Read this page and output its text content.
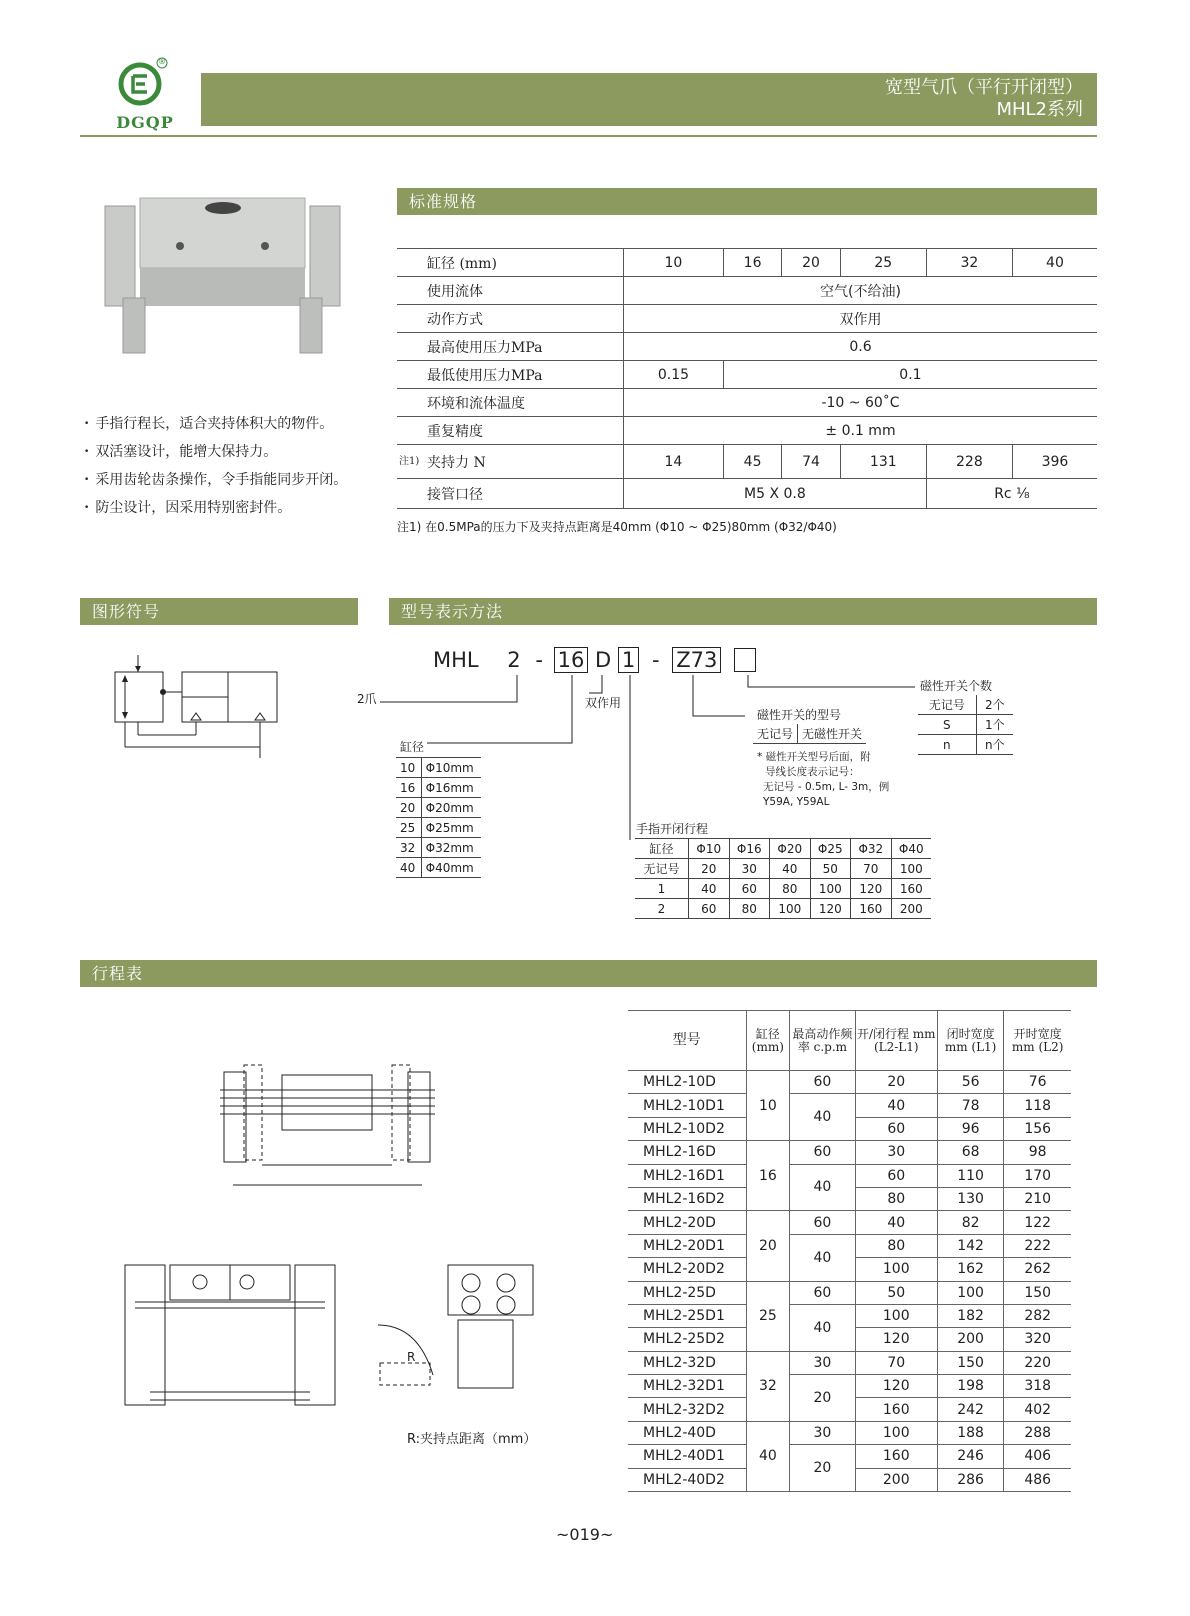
®
DGQP
宽型气爪（平行开闭型）
MHL2系列
标准规格
缸径 (mm)	10	16	20	25	32	40
使用流体	空气(不给油)					
动作方式	双作用					
最高使用压力MPa	0.6					
最低使用压力MPa	0.15	0.1				
环境和流体温度	-10 ~ 60˚C					
重复精度	± 0.1 mm					

注1) 夹持力 N	14	45	74	131	228	396
接管口径	M5 X 0.8				Rc ¹⁄₈	
注1) 在0.5MPa的压力下及夹持点距离是40mm (Φ10 ~ Φ25)80mm (Φ32/Φ40)
• 手指行程长，适合夹持体积大的物件。
• 双活塞设计，能增大保持力。
• 采用齿轮齿条操作，令手指能同步开闭。
• 防尘设计，因采用特别密封件。
图形符号	型号表示方法
MHL 2 - 16 D 1 - Z73
2爪	双作用
缸径
10	Φ10mm
16	Φ16mm
20	Φ20mm
25	Φ25mm
32	Φ32mm
40	Φ40mm
磁性开关的型号
无记号	无磁性开关
* 磁性开关型号后面，附
导线长度表示记号：
无记号 - 0.5m, L- 3m，例
Y59A, Y59AL
磁性开关个数
无记号	2个
S	1个
n	n个
手指开闭行程
缸径	Φ10	Φ16	Φ20	Φ25	Φ32	Φ40
无记号	20	30	40	50	70	100
1	40	60	80	100	120	160
2	60	80	100	120	160	200
行程表
R
R:夹持点距离（mm）
型号	缸径 (mm)	最高动作频率 c.p.m	开/闭行程 mm (L2-L1)	闭时宽度 mm (L1)	开时宽度 mm (L2)
MHL2-10D	10	60	20	56	76
MHL2-10D1		40	40	78	118
MHL2-10D2			60	96	156
MHL2-16D	16	60	30	68	98
MHL2-16D1		40	60	110	170
MHL2-16D2			80	130	210
MHL2-20D	20	60	40	82	122
MHL2-20D1		40	80	142	222
MHL2-20D2			100	162	262
MHL2-25D	25	60	50	100	150
MHL2-25D1		40	100	182	282
MHL2-25D2			120	200	320
MHL2-32D	32	30	70	150	220
MHL2-32D1		20	120	198	318
MHL2-32D2			160	242	402
MHL2-40D	40	30	100	188	288
MHL2-40D1		20	160	246	406
MHL2-40D2			200	286	486
~019~
